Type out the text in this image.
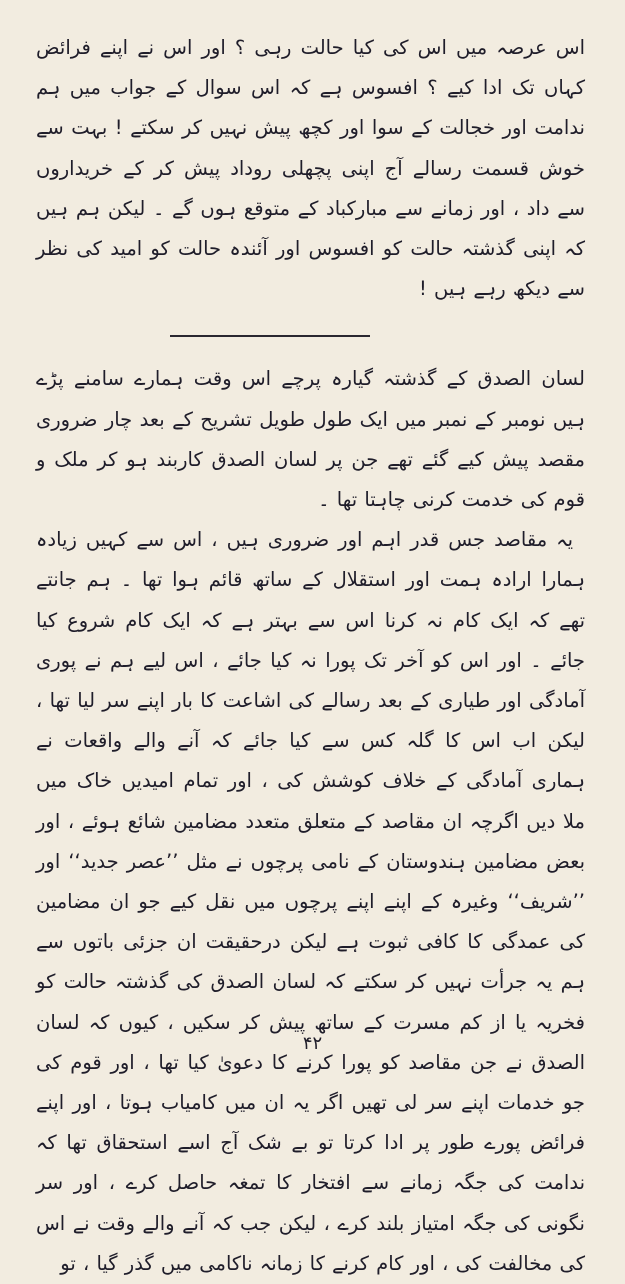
اس عرصہ میں اس کی کیا حالت رہی ؟ اور اس نے اپنے فرائض کہاں تک ادا کیے ؟ افسوس ہے کہ اس سوال کے جواب میں ہم ندامت اور خجالت کے سوا اور کچھ پیش نہیں کر سکتے ! بہت سے خوش قسمت رسالے آج اپنی پچھلی روداد پیش کر کے خریداروں سے داد ، اور زمانے سے مبارکباد کے متوقع ہوں گے ۔ لیکن ہم ہیں کہ اپنی گذشتہ حالت کو افسوس اور آئندہ حالت کو امید کی نظر سے دیکھ رہے ہیں !

لسان الصدق کے گذشتہ گیارہ پرچے اس وقت ہمارے سامنے پڑے ہیں نومبر کے نمبر میں ایک طول طویل تشریح کے بعد چار ضروری مقصد پیش کیے گئے تھے جن پر لسان الصدق کاربند ہو کر ملک و قوم کی خدمت کرنی چاہتا تھا ۔

یہ مقاصد جس قدر اہم اور ضروری ہیں ، اس سے کہیں زیادہ ہمارا ارادہ ہمت اور استقلال کے ساتھ قائم ہوا تھا ۔ ہم جانتے تھے کہ ایک کام نہ کرنا اس سے بہتر ہے کہ ایک کام شروع کیا جائے ۔ اور اس کو آخر تک پورا نہ کیا جائے ، اس لیے ہم نے پوری آمادگی اور طیاری کے بعد رسالے کی اشاعت کا بار اپنے سر لیا تھا ، لیکن اب اس کا گلہ کس سے کیا جائے کہ آنے والے واقعات نے ہماری آمادگی کے خلاف کوشش کی ، اور تمام امیدیں خاک میں ملا دیں اگرچہ ان مقاصد کے متعلق متعدد مضامین شائع ہوئے ، اور بعض مضامین ہندوستان کے نامی پرچوں نے مثل ’’عصر جدید‘‘ اور ’’شریف‘‘ وغیرہ کے اپنے اپنے پرچوں میں نقل کیے جو ان مضامین کی عمدگی کا کافی ثبوت ہے لیکن درحقیقت ان جزئی باتوں سے ہم یہ جرأت نہیں کر سکتے کہ لسان الصدق کی گذشتہ حالت کو فخریہ یا از کم مسرت کے ساتھ پیش کر سکیں ، کیوں کہ لسان الصدق نے جن مقاصد کو پورا کرنے کا دعویٰ کیا تھا ، اور قوم کی جو خدمات اپنے سر لی تھیں اگر یہ ان میں کامیاب ہوتا ، اور اپنے فرائض پورے طور پر ادا کرتا تو بے شک آج اسے استحقاق تھا کہ ندامت کی جگہ زمانے سے افتخار کا تمغہ حاصل کرے ، اور سر نگونی کی جگہ امتیاز بلند کرے ، لیکن جب کہ آنے والے وقت نے اس کی مخالفت کی ، اور کام کرنے کا زمانہ ناکامی میں گذر گیا ، تو

۴۲
